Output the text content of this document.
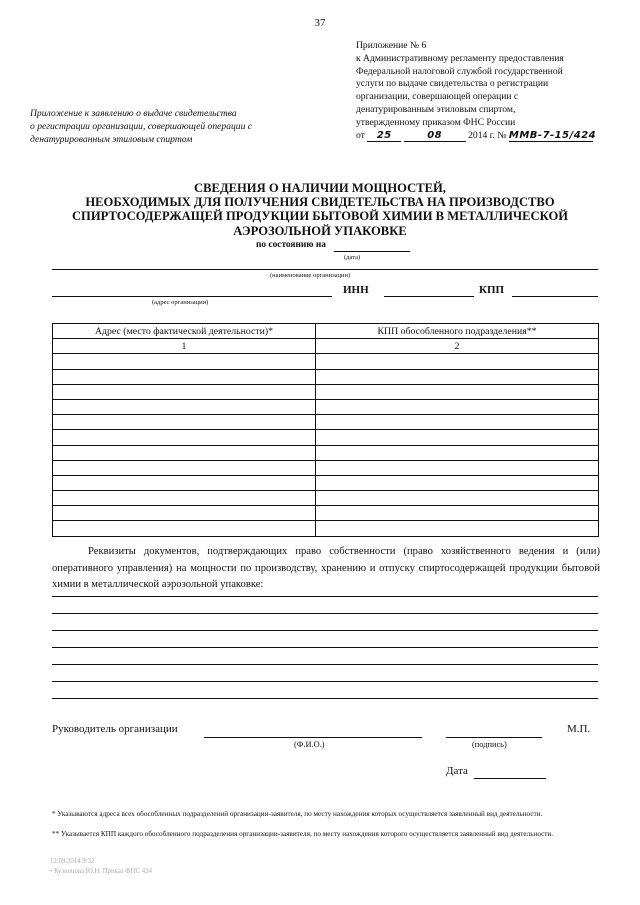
37
Приложение № 6
к Административному регламенту предоставления
Федеральной налоговой службой государственной
услуги по выдаче свидетельства о регистрации
организации, совершающей операции с
денатурированным этиловым спиртом,
утвержденному приказом ФНС России
от 25	08	2014 г. № ММВ-7-15/424
Приложение к заявлению о выдаче свидетельства
о регистрации организации, совершающей операции с
денатурированным этиловым спиртом
СВЕДЕНИЯ О НАЛИЧИИ МОЩНОСТЕЙ,
НЕОБХОДИМЫХ ДЛЯ ПОЛУЧЕНИЯ СВИДЕТЕЛЬСТВА НА ПРОИЗВОДСТВО
СПИРТОСОДЕРЖАЩЕЙ ПРОДУКЦИИ БЫТОВОЙ ХИМИИ В МЕТАЛЛИЧЕСКОЙ
АЭРОЗОЛЬНОЙ УПАКОВКЕ
по состоянию на
(дата)
(наименование организации)
ИНН	КПП
(адрес организации)
Адрес (место фактической деятельности)*	КПП обособленного подразделения**
1	2

Реквизиты документов, подтверждающих право собственности (право хозяйственного ведения и (или) оперативного управления) на мощности по производству, хранению и отпуску спиртосодержащей продукции бытовой химии в металлической аэрозольной упаковке:

Руководитель организации	М.П.
(Ф.И.О.)	(подпись)
Дата
* Указываются адреса всех обособленных подразделений организации-заявителя, по месту нахождения которых осуществляется заявленный вид деятельности.
** Указывается КПП каждого обособленного подразделения организации-заявителя, по месту нахождения которого осуществляется заявленный вид деятельности.
12.09.2014 9:32
• Кузнецова Ю.Н. Приказ ФНС 424
